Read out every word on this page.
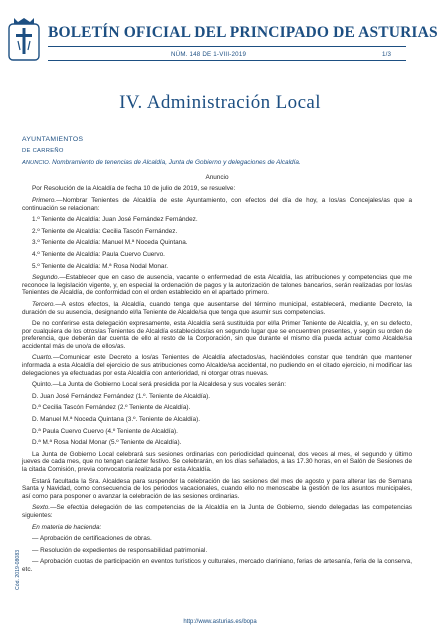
BOLETÍN OFICIAL DEL PRINCIPADO DE ASTURIAS
NÚM. 148 DE 1-VIII-2019	1/3
IV. Administración Local

AYUNTAMIENTOS

DE CARREÑO

ANUNCIO. Nombramiento de tenencias de Alcaldía, Junta de Gobierno y delegaciones de Alcaldía.

Anuncio

Por Resolución de la Alcaldía de fecha 10 de julio de 2019, se resuelve:

Primero.—Nombrar Tenientes de Alcaldía de este Ayuntamiento, con efectos del día de hoy, a los/as Concejales/as que a continuación se relacionan:

1.º Teniente de Alcaldía: Juan José Fernández Fernández.

2.º Teniente de Alcaldía: Cecilia Tascón Fernández.

3.º Teniente de Alcaldía: Manuel M.ª Noceda Quintana.

4.º Teniente de Alcaldía: Paula Cuervo Cuervo.

5.º Teniente de Alcaldía: M.ª Rosa Nodal Monar.

Segundo.—Establecer que en caso de ausencia, vacante o enfermedad de esta Alcaldía, las atribuciones y competencias que me reconoce la legislación vigente, y, en especial la ordenación de pagos y la autorización de talones bancarios, serán realizadas por los/as Tenientes de Alcaldía, de conformidad con el orden establecido en el apartado primero.

Tercero.—A estos efectos, la Alcaldía, cuando tenga que ausentarse del término municipal, establecerá, mediante Decreto, la duración de su ausencia, designando el/la Teniente de Alcalde/sa que tenga que asumir sus competencias.

De no conferirse esta delegación expresamente, esta Alcaldía será sustituida por el/la Primer Teniente de Alcaldía, y, en su defecto, por cualquiera de los otros/as Tenientes de Alcaldía establecidos/as en segundo lugar que se encuentren presentes, y según su orden de preferencia, que deberán dar cuenta de ello al resto de la Corporación, sin que durante el mismo día pueda actuar como Alcalde/sa accidental más de uno/a de ellos/as.

Cuarto.—Comunicar este Decreto a los/as Tenientes de Alcaldía afectados/as, haciéndoles constar que tendrán que mantener informada a esta Alcaldía del ejercicio de sus atribuciones como Alcalde/sa accidental, no pudiendo en el citado ejercicio, ni modificar las delegaciones ya efectuadas por esta Alcaldía con anterioridad, ni otorgar otras nuevas.

Quinto.—La Junta de Gobierno Local será presidida por la Alcaldesa y sus vocales serán:

D. Juan José Fernández Fernández (1.º. Teniente de Alcaldía).

D.ª Cecilia Tascón Fernández (2.º Teniente de Alcaldía).

D. Manuel M.ª Noceda Quintana (3.º. Teniente de Alcaldía).

D.ª Paula Cuervo Cuervo (4.º Teniente de Alcaldía).

D.ª M.ª Rosa Nodal Monar (5.º Teniente de Alcaldía).

La Junta de Gobierno Local celebrará sus sesiones ordinarias con periodicidad quincenal, dos veces al mes, el segundo y último jueves de cada mes, que no tengan carácter festivo. Se celebrarán, en los días señalados, a las 17.30 horas, en el Salón de Sesiones de la citada Comisión, previa convocatoria realizada por esta Alcaldía.

Estará facultada la Sra. Alcaldesa para suspender la celebración de las sesiones del mes de agosto y para alterar las de Semana Santa y Navidad, como consecuencia de los periodos vacacionales, cuando ello no menoscabe la gestión de los asuntos municipales, así como para posponer o avanzar la celebración de las sesiones ordinarias.

Sexto.—Se efectúa delegación de las competencias de la Alcaldía en la Junta de Gobierno, siendo delegadas las competencias siguientes:

En materia de hacienda:

— Aprobación de certificaciones de obras.

— Resolución de expedientes de responsabilidad patrimonial.

— Aprobación cuotas de participación en eventos turísticos y culturales, mercado clariniano, ferias de artesanía, feria de la conserva, etc.

Cód. 2019-08083
http://www.asturias.es/bopa
